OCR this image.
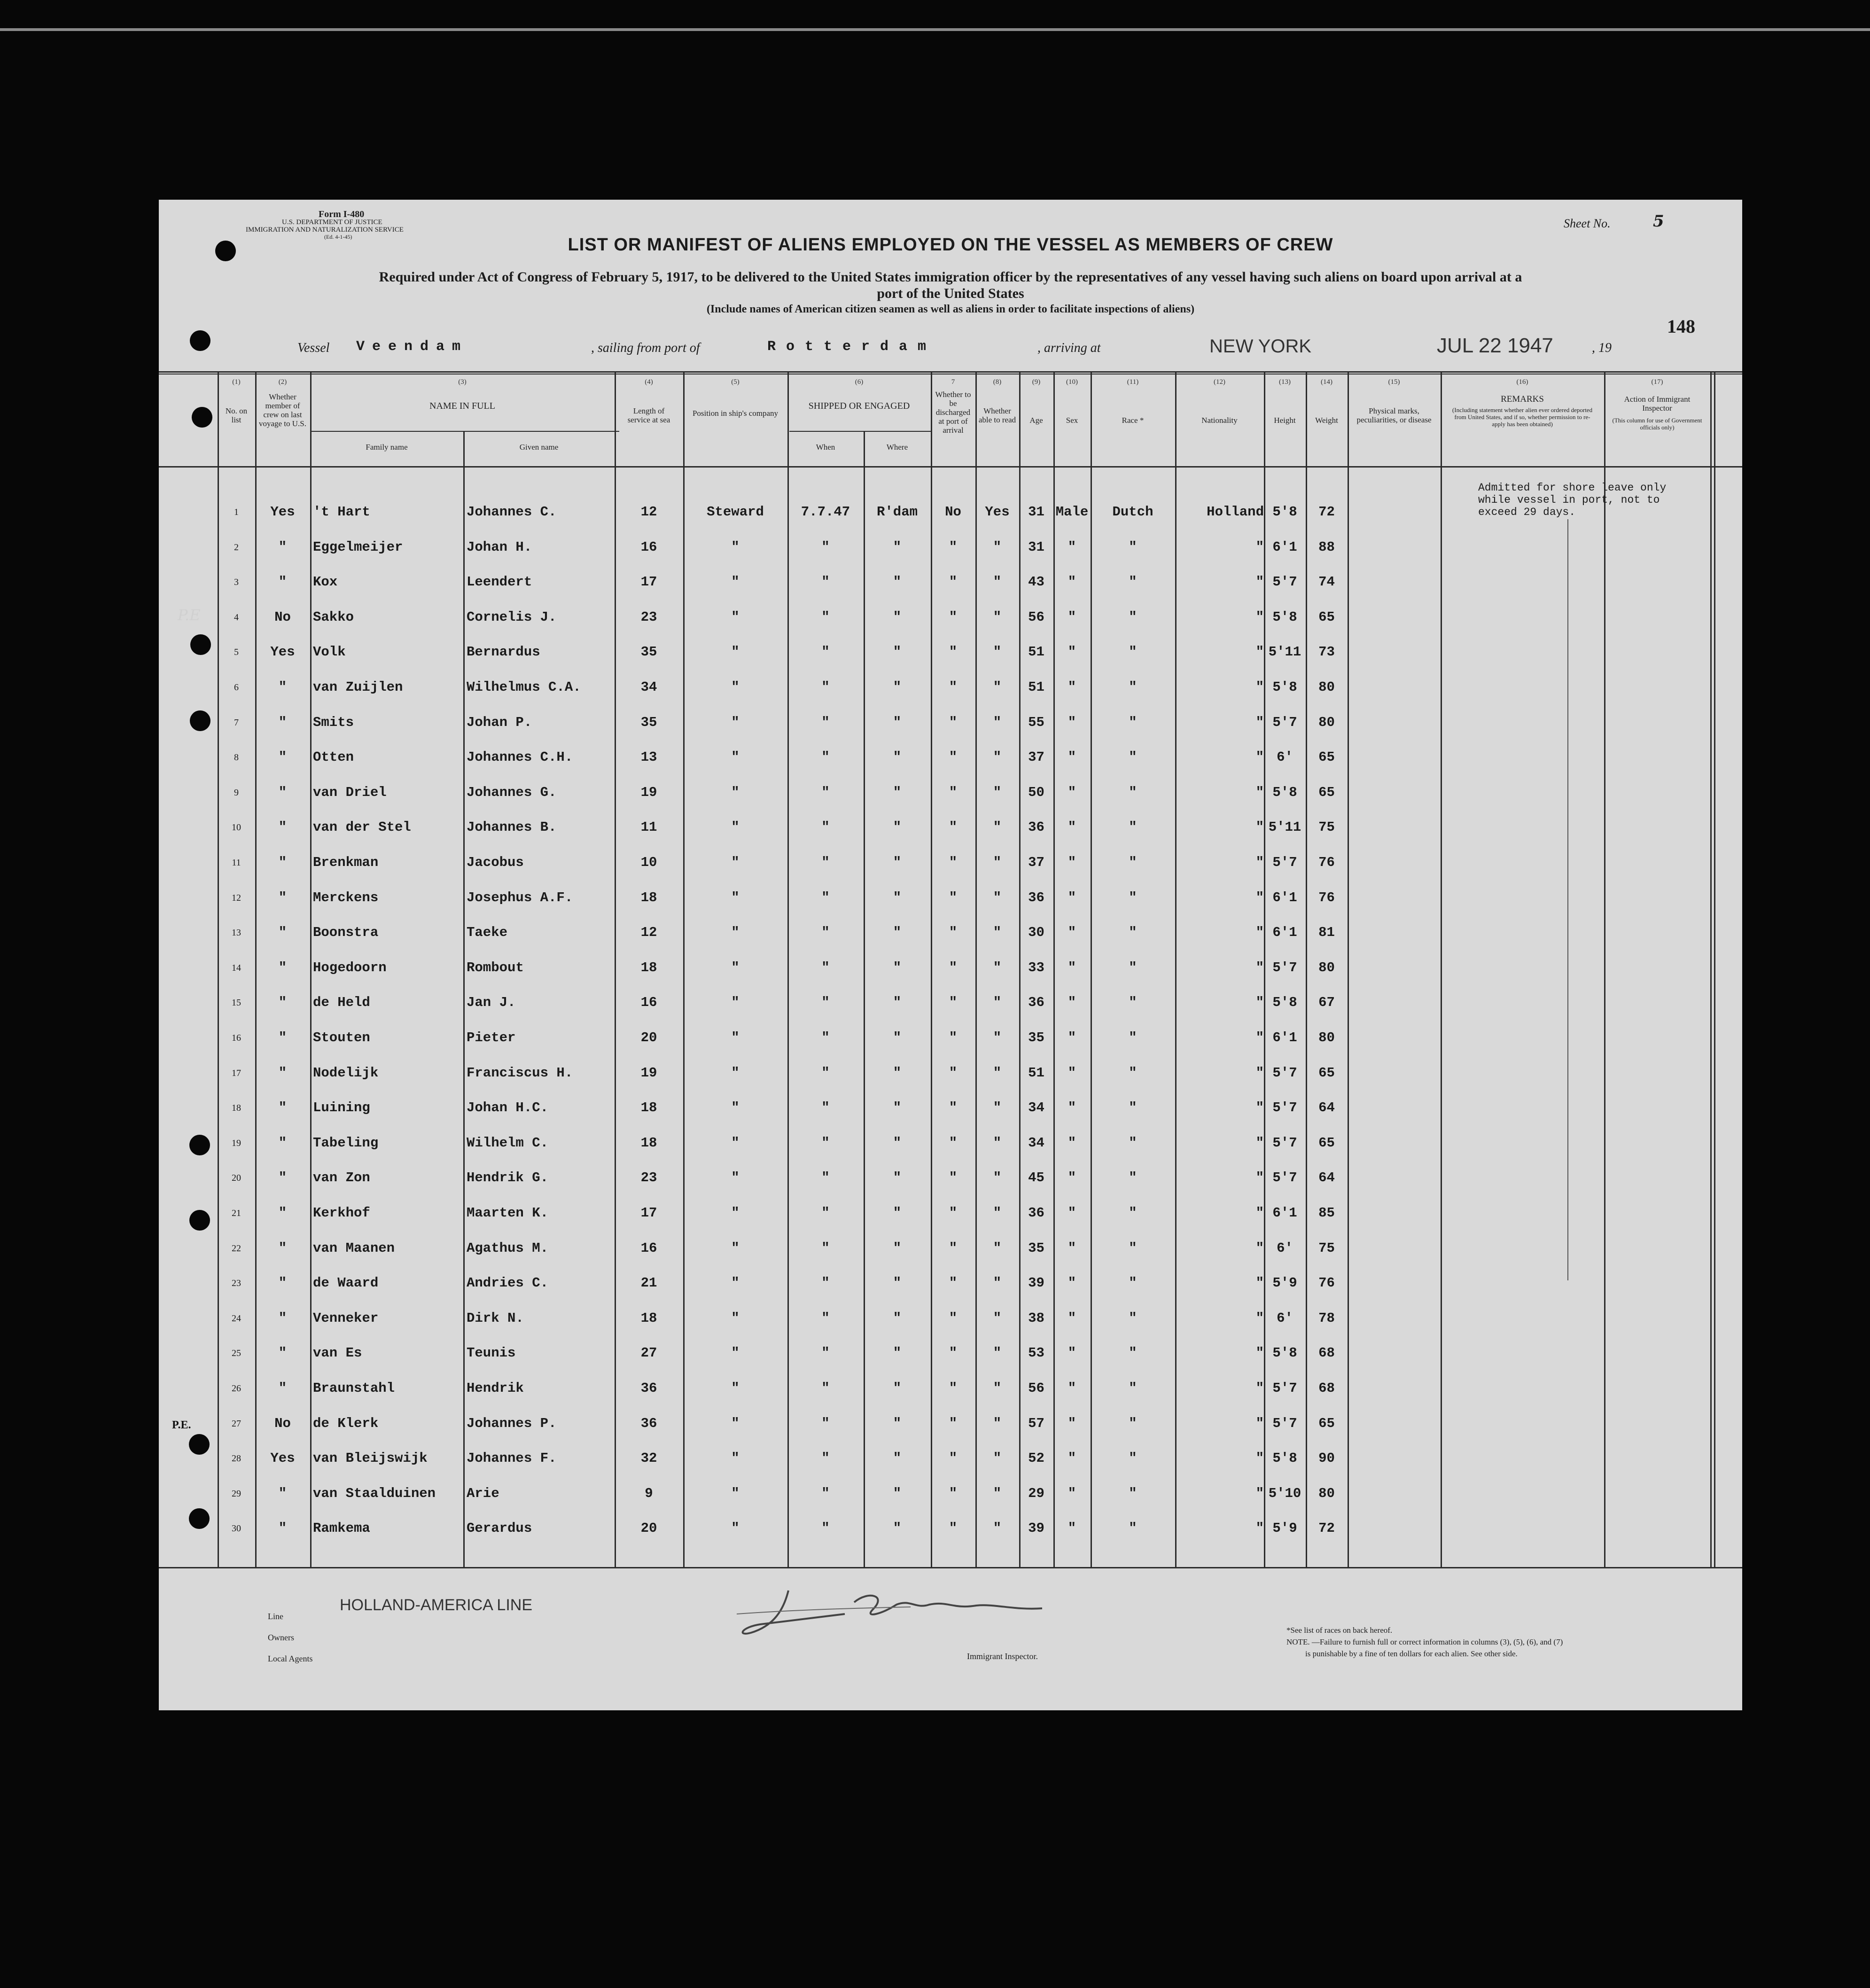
Form I-480
U.S. DEPARTMENT OF JUSTICE
IMMIGRATION AND NATURALIZATION SERVICE
(Ed. 4-1-45)
Sheet No.	5
LIST OR MANIFEST OF ALIENS EMPLOYED ON THE VESSEL AS MEMBERS OF CREW
Required under Act of Congress of February 5, 1917, to be delivered to the United States immigration officer by the representatives of any vessel having such aliens on board upon arrival at a
port of the United States
(Include names of American citizen seamen as well as aliens in order to facilitate inspections of aliens)
Vessel Veendam	, sailing from port of	Rotterdam	, arriving at	NEW YORK	JUL 22 1947	, 19
148
(1)
No. on list
(2)
Whether member of crew on last voyage to U.S.
(3)
NAME IN FULL
Family name	Given name
(4)
Length of service at sea
(5)
Position in ship's company
(6)
SHIPPED OR ENGAGED
When	Where
7
Whether to be discharged at port of arrival
(8)
Whether able to read
(9)
Age
(10)
Sex
(11)
Race *
(12)
Nationality
(13)
Height
(14)
Weight
(15)
Physical marks, peculiarities, or disease
(16)
REMARKS
(Including statement whether alien ever ordered deported from United States, and if so, whether permission to re-apply has been obtained)
(17)
Action of Immigrant Inspector
(This column for use of Government officials only)
1	Yes	't Hart	Johannes C.	12	Steward	7.7.47	R'dam	No	Yes	31 Male	Dutch	Holland 5'8	72
2	"	Eggelmeijer	Johan H.	16	"	"	"	"	"	31	"	"	" 6'1	88
3	"	Kox	Leendert	17	"	"	"	"	"	43	"	"	" 5'7	74
4	No	Sakko	Cornelis J.	23	"	"	"	"	"	56	"	"	" 5'8	65
5	Yes	Volk	Bernardus	35	"	"	"	"	"	51	"	"	" 5'11	73
6	"	van Zuijlen	Wilhelmus C.A.	34	"	"	"	"	"	51	"	"	" 5'8	80
7	"	Smits	Johan P.	35	"	"	"	"	"	55	"	"	" 5'7	80
8	"	Otten	Johannes C.H.	13	"	"	"	"	"	37	"	"	" 6'	65
9	"	van Driel	Johannes G.	19	"	"	"	"	"	50	"	"	" 5'8	65
10	"	van der Stel	Johannes B.	11	"	"	"	"	"	36	"	"	" 5'11	75
11	"	Brenkman	Jacobus	10	"	"	"	"	"	37	"	"	" 5'7	76
12	"	Merckens	Josephus A.F.	18	"	"	"	"	"	36	"	"	" 6'1	76
13	"	Boonstra	Taeke	12	"	"	"	"	"	30	"	"	" 6'1	81
14	"	Hogedoorn	Rombout	18	"	"	"	"	"	33	"	"	" 5'7	80
15	"	de Held	Jan J.	16	"	"	"	"	"	36	"	"	" 5'8	67
16	"	Stouten	Pieter	20	"	"	"	"	"	35	"	"	" 6'1	80
17	"	Nodelijk	Franciscus H.	19	"	"	"	"	"	51	"	"	" 5'7	65
18	"	Luining	Johan H.C.	18	"	"	"	"	"	34	"	"	" 5'7	64
19	"	Tabeling	Wilhelm C.	18	"	"	"	"	"	34	"	"	" 5'7	65
20	"	van Zon	Hendrik G.	23	"	"	"	"	"	45	"	"	" 5'7	64
21	"	Kerkhof	Maarten K.	17	"	"	"	"	"	36	"	"	" 6'1	85
22	"	van Maanen	Agathus M.	16	"	"	"	"	"	35	"	"	" 6'	75
23	"	de Waard	Andries C.	21	"	"	"	"	"	39	"	"	" 5'9	76
24	"	Venneker	Dirk N.	18	"	"	"	"	"	38	"	"	" 6'	78
25	"	van Es	Teunis	27	"	"	"	"	"	53	"	"	" 5'8	68
26	"	Braunstahl	Hendrik	36	"	"	"	"	"	56	"	"	" 5'7	68
27	No	de Klerk	Johannes P.	36	"	"	"	"	"	57	"	"	" 5'7	65
28	Yes	van Bleijswijk	Johannes F.	32	"	"	"	"	"	52	"	"	" 5'8	90
29	"	van Staalduinen	Arie	9	"	"	"	"	"	29	"	"	" 5'10	80
30	"	Ramkema	Gerardus	20	"	"	"	"	"	39	"	"	" 5'9	72
Admitted for shore leave only
while vessel in port, not to
exceed 29 days.
Line
HOLLAND-AMERICA LINE
Owners
Local Agents	Immigrant Inspector.
*See list of races on back hereof.
NOTE. —Failure to furnish full or correct information in columns (3), (5), (6), and (7)
is punishable by a fine of ten dollars for each alien. See other side.
P.E
P.E.
